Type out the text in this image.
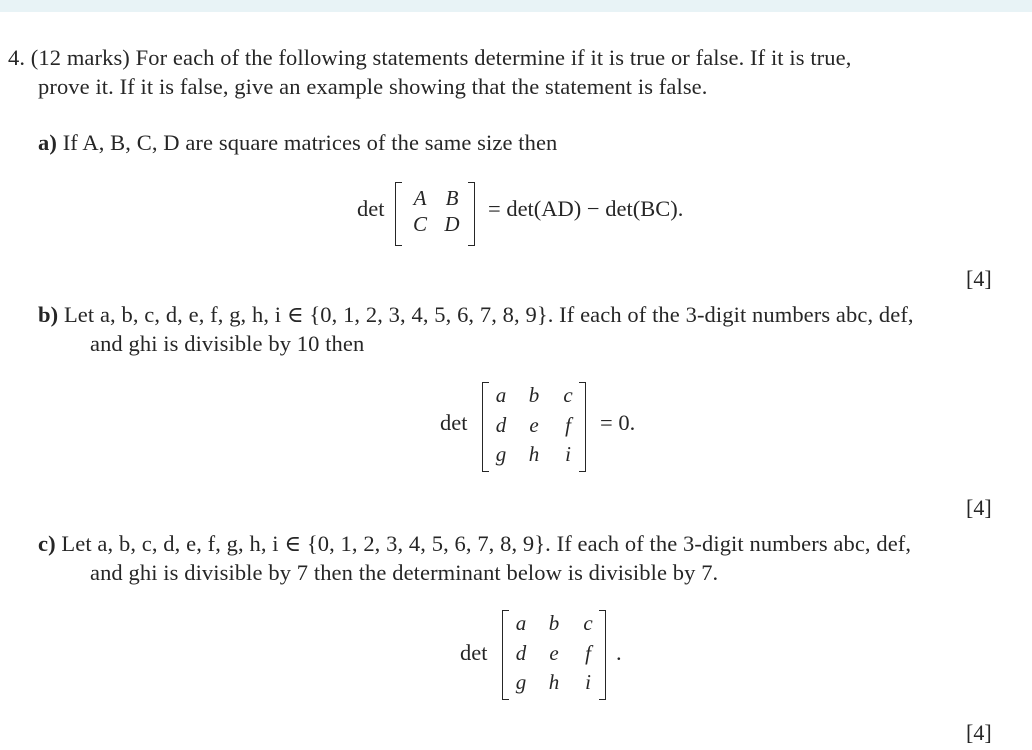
4. (12 marks) For each of the following statements determine if it is true or false. If it is true,
prove it. If it is false, give an example showing that the statement is false.
a) If A, B, C, D are square matrices of the same size then
det A B
C D
= det(AD) − det(BC).
[4]
b) Let a, b, c, d, e, f, g, h, i ∈ {0, 1, 2, 3, 4, 5, 6, 7, 8, 9}. If each of the 3-digit numbers abc, def,
and ghi is divisible by 10 then
det
a	b	c
d	e	f
g	h	i
= 0.
[4]
c) Let a, b, c, d, e, f, g, h, i ∈ {0, 1, 2, 3, 4, 5, 6, 7, 8, 9}. If each of the 3-digit numbers abc, def,
and ghi is divisible by 7 then the determinant below is divisible by 7.
det
a	b	c
d	e	f
g	h	i
.
[4]
